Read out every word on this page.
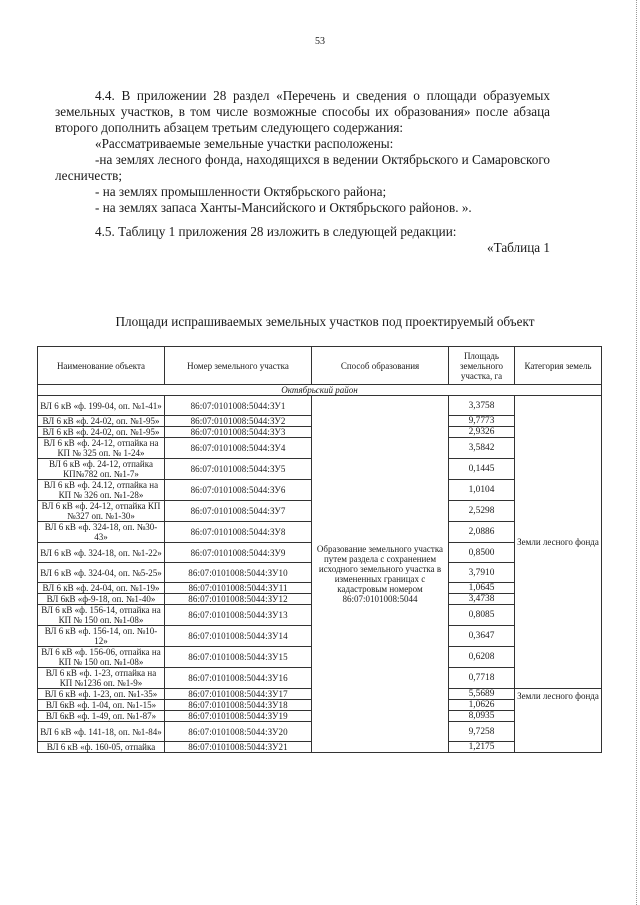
53

4.4. В приложении 28 раздел «Перечень и сведения о площади образуемых земельных участков, в том числе возможные способы их образования» после абзаца второго дополнить абзацем третьим следующего содержания:

«Рассматриваемые земельные участки расположены:

-на землях лесного фонда, находящихся в ведении Октябрьского и Самаровского лесничеств;

- на землях промышленности Октябрьского района;

- на землях запаса Ханты-Мансийского и Октябрьского районов. ».

4.5. Таблицу 1 приложения 28 изложить в следующей редакции:

«Таблица 1

Площади испрашиваемых земельных участков под проектируемый объект
Наименование объекта	Номер земельного участка	Способ образования	Площадь земельного участка, га	Категория земель
Октябрьский район				
ВЛ 6 кВ «ф. 199-04, оп. №1-41»	86:07:0101008:5044:ЗУ1	Образование земельного участка путем раздела с сохранением исходного земельного участка в измененных границах с кадастровым номером 86:07:0101008:5044	3,3758	Земли лесного фонда
ВЛ 6 кВ «ф. 24-02, оп. №1-95»	86:07:0101008:5044:ЗУ2		9,7773	
ВЛ 6 кВ «ф. 24-02, оп. №1-95»	86:07:0101008:5044:ЗУ3		2,9326	
ВЛ 6 кВ «ф. 24-12, отпайка на КП № 325 оп. № 1-24»	86:07:0101008:5044:ЗУ4		3,5842	
ВЛ 6 кВ «ф. 24-12, отпайка КП№782 оп. №1-7»	86:07:0101008:5044:ЗУ5		0,1445	
ВЛ 6 кВ «ф. 24.12, отпайка на КП № 326 оп. №1-28»	86:07:0101008:5044:ЗУ6		1,0104	
ВЛ 6 кВ «ф. 24-12, отпайка КП №327 оп. №1-30»	86:07:0101008:5044:ЗУ7		2,5298	
ВЛ 6 кВ «ф. 324-18, оп. №30-43»	86:07:0101008:5044:ЗУ8		2,0886	
ВЛ 6 кВ «ф. 324-18, оп. №1-22»	86:07:0101008:5044:ЗУ9		0,8500	
ВЛ 6 кВ «ф. 324-04, оп. №5-25»	86:07:0101008:5044:ЗУ10		3,7910	
ВЛ 6 кВ «ф. 24-04, оп. №1-19»	86:07:0101008:5044:ЗУ11		1,0645	
ВЛ 6кВ «ф-9-18, оп. №1-40»	86:07:0101008:5044:ЗУ12		3,4738	
ВЛ 6 кВ «ф. 156-14, отпайка на КП № 150 оп. №1-08»	86:07:0101008:5044:ЗУ13		0,8085	
ВЛ 6 кВ «ф. 156-14, оп. №10-12»	86:07:0101008:5044:ЗУ14		0,3647	
ВЛ 6 кВ «ф. 156-06, отпайка на КП № 150 оп. №1-08»	86:07:0101008:5044:ЗУ15		0,6208	
ВЛ 6 кВ «ф. 1-23, отпайка на КП №1236 оп. №1-9»	86:07:0101008:5044:ЗУ16		0,7718	
ВЛ 6 кВ «ф. 1-23, оп. №1-35»	86:07:0101008:5044:ЗУ17		5,5689	Земли лесного фонда
ВЛ 6кВ «ф. 1-04, оп. №1-15»	86:07:0101008:5044:ЗУ18		1,0626	
ВЛ 6кВ «ф. 1-49, оп. №1-87»	86:07:0101008:5044:ЗУ19		8,0935	
ВЛ 6 кВ «ф. 141-18, оп. №1-84»	86:07:0101008:5044:ЗУ20		9,7258	
ВЛ 6 кВ «ф. 160-05, отпайка	86:07:0101008:5044:ЗУ21		1,2175	
